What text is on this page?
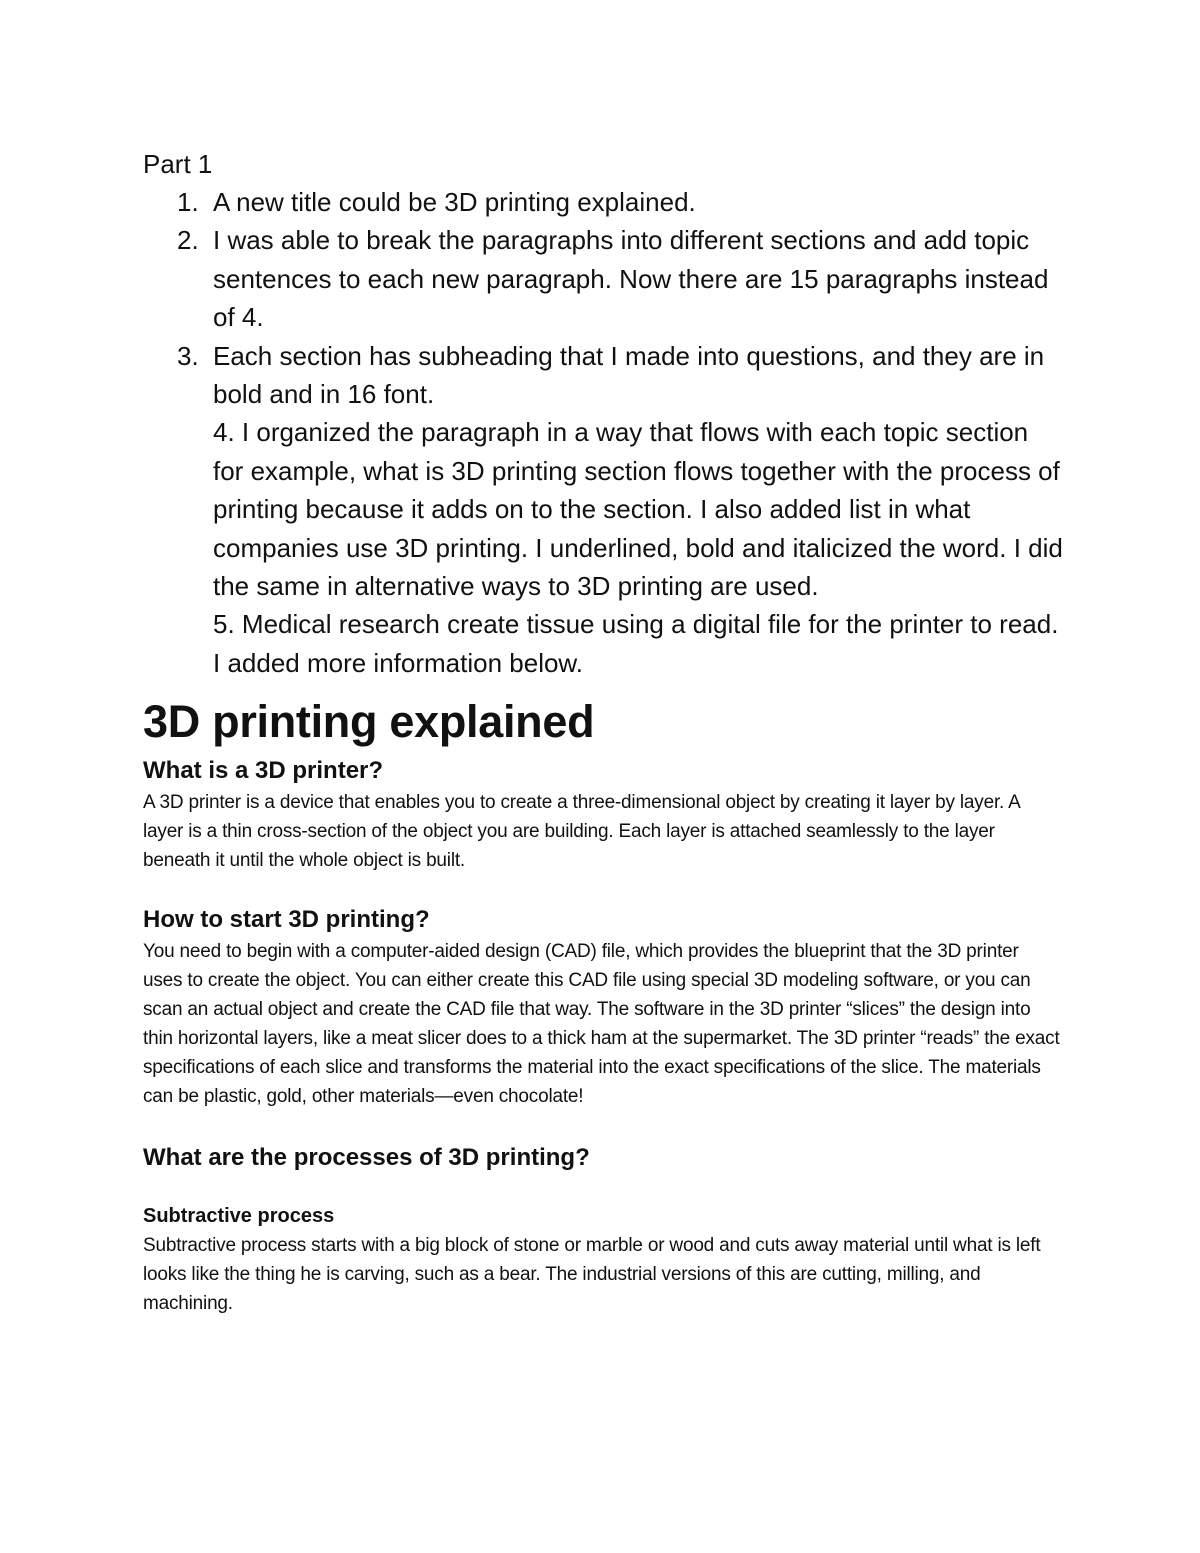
Part 1

1. A new title could be 3D printing explained.
2. I was able to break the paragraphs into different sections and add topic sentences to each new paragraph. Now there are 15 paragraphs instead of 4.
3. Each section has subheading that I made into questions, and they are in bold and in 16 font.
4. I organized the paragraph in a way that flows with each topic section for example, what is 3D printing section flows together with the process of printing because it adds on to the section. I also added list in what companies use 3D printing. I underlined, bold and italicized the word. I did the same in alternative ways to 3D printing are used.
5. Medical research create tissue using a digital file for the printer to read. I added more information below.
3D printing explained
What is a 3D printer?

A 3D printer is a device that enables you to create a three-dimensional object by creating it layer by layer. A layer is a thin cross-section of the object you are building. Each layer is attached seamlessly to the layer beneath it until the whole object is built.

How to start 3D printing?

You need to begin with a computer-aided design (CAD) file, which provides the blueprint that the 3D printer uses to create the object. You can either create this CAD file using special 3D modeling software, or you can scan an actual object and create the CAD file that way. The software in the 3D printer “slices” the design into thin horizontal layers, like a meat slicer does to a thick ham at the supermarket. The 3D printer “reads” the exact specifications of each slice and transforms the material into the exact specifications of the slice. The materials can be plastic, gold, other materials—even chocolate!

What are the processes of 3D printing?
Subtractive process

Subtractive process starts with a big block of stone or marble or wood and cuts away material until what is left looks like the thing he is carving, such as a bear. The industrial versions of this are cutting, milling, and machining.
